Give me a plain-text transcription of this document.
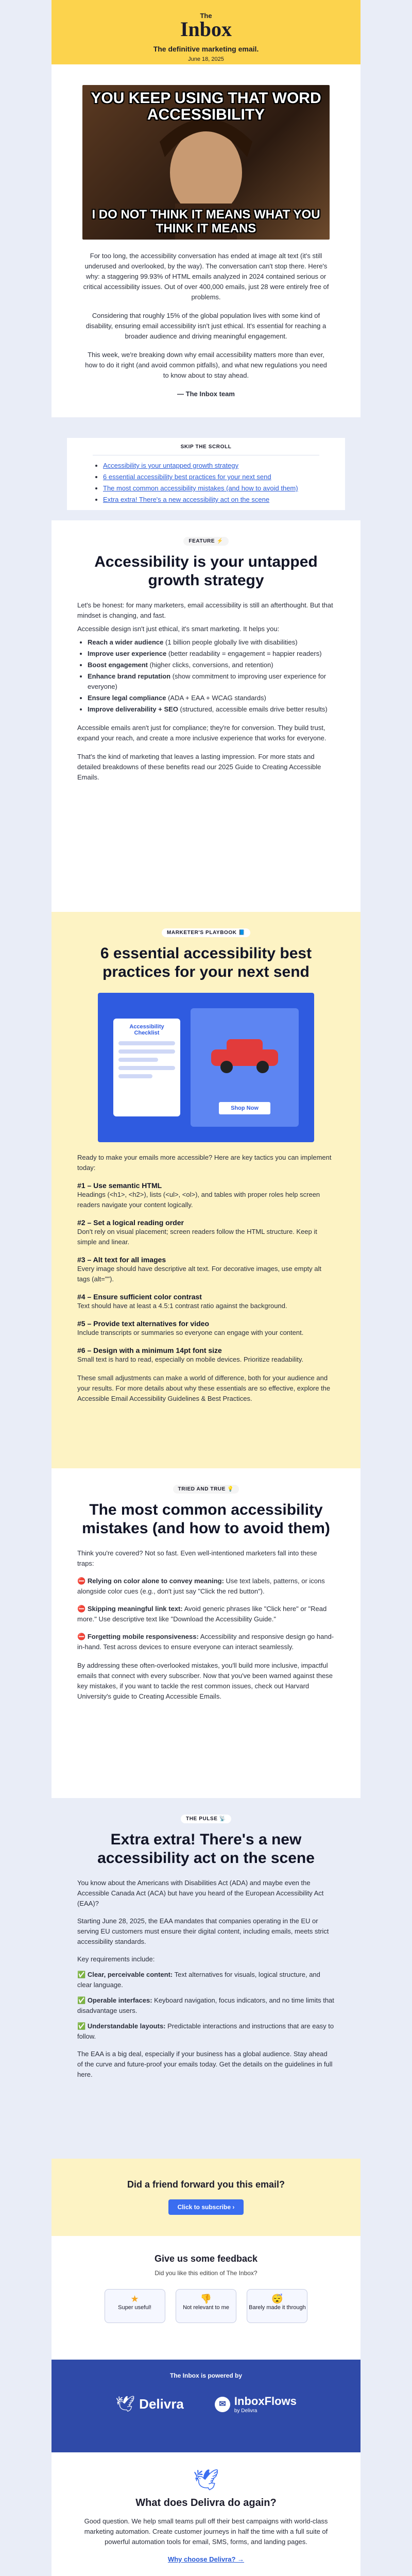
The
Inbox
The definitive marketing email.
June 18, 2025
YOU KEEP USING THAT WORD ACCESSIBILITY
I DO NOT THINK IT MEANS WHAT YOU THINK IT MEANS

For too long, the accessibility conversation has ended at image alt text (it's still underused and overlooked, by the way). The conversation can't stop there. Here's why: a staggering 99.93% of HTML emails analyzed in 2024 contained serious or critical accessibility issues. Out of over 400,000 emails, just 28 were entirely free of problems.

Considering that roughly 15% of the global population lives with some kind of disability, ensuring email accessibility isn't just ethical. It's essential for reaching a broader audience and driving meaningful engagement.

This week, we're breaking down why email accessibility matters more than ever, how to do it right (and avoid common pitfalls), and what new regulations you need to know about to stay ahead.

— The Inbox team

SKIP THE SCROLL
• Accessibility is your untapped growth strategy
• 6 essential accessibility best practices for your next send
• The most common accessibility mistakes (and how to avoid them)
• Extra extra! There's a new accessibility act on the scene
FEATURE ⚡
Accessibility is your untapped growth strategy

Let's be honest: for many marketers, email accessibility is still an afterthought. But that mindset is changing, and fast.

Accessible design isn't just ethical, it's smart marketing. It helps you:

• Reach a wider audience (1 billion people globally live with disabilities)
• Improve user experience (better readability = engagement = happier readers)
• Boost engagement (higher clicks, conversions, and retention)
• Enhance brand reputation (show commitment to improving user experience for everyone)
• Ensure legal compliance (ADA + EAA + WCAG standards)
• Improve deliverability + SEO (structured, accessible emails drive better results)

Accessible emails aren't just for compliance; they're for conversion. They build trust, expand your reach, and create a more inclusive experience that works for everyone.

That's the kind of marketing that leaves a lasting impression. For more stats and detailed breakdowns of these benefits read our 2025 Guide to Creating Accessible Emails.

MARKETER'S PLAYBOOK 📘
6 essential accessibility best practices for your next send
Accessibility Checklist
Shop Now

Ready to make your emails more accessible? Here are key tactics you can implement today:

#1 – Use semantic HTML

Headings (<h1>, <h2>), lists (<ul>, <ol>), and tables with proper roles help screen readers navigate your content logically.

#2 – Set a logical reading order

Don't rely on visual placement; screen readers follow the HTML structure. Keep it simple and linear.

#3 – Alt text for all images

Every image should have descriptive alt text. For decorative images, use empty alt tags (alt="").

#4 – Ensure sufficient color contrast

Text should have at least a 4.5:1 contrast ratio against the background.

#5 – Provide text alternatives for video

Include transcripts or summaries so everyone can engage with your content.

#6 – Design with a minimum 14pt font size

Small text is hard to read, especially on mobile devices. Prioritize readability.

These small adjustments can make a world of difference, both for your audience and your results. For more details about why these essentials are so effective, explore the Accessible Email Accessibility Guidelines & Best Practices.

TRIED AND TRUE 💡
The most common accessibility mistakes (and how to avoid them)

Think you're covered? Not so fast. Even well-intentioned marketers fall into these traps:

⛔ Relying on color alone to convey meaning: Use text labels, patterns, or icons alongside color cues (e.g., don't just say "Click the red button").

⛔ Skipping meaningful link text: Avoid generic phrases like "Click here" or "Read more." Use descriptive text like "Download the Accessibility Guide."

⛔ Forgetting mobile responsiveness: Accessibility and responsive design go hand-in-hand. Test across devices to ensure everyone can interact seamlessly.

By addressing these often-overlooked mistakes, you'll build more inclusive, impactful emails that connect with every subscriber. Now that you've been warned against these key mistakes, if you want to tackle the rest common issues, check out Harvard University's guide to Creating Accessible Emails.

THE PULSE 📡
Extra extra! There's a new accessibility act on the scene

You know about the Americans with Disabilities Act (ADA) and maybe even the Accessible Canada Act (ACA) but have you heard of the European Accessibility Act (EAA)?

Starting June 28, 2025, the EAA mandates that companies operating in the EU or serving EU customers must ensure their digital content, including emails, meets strict accessibility standards.

Key requirements include:

✅ Clear, perceivable content: Text alternatives for visuals, logical structure, and clear language.

✅ Operable interfaces: Keyboard navigation, focus indicators, and no time limits that disadvantage users.

✅ Understandable layouts: Predictable interactions and instructions that are easy to follow.

The EAA is a big deal, especially if your business has a global audience. Stay ahead of the curve and future-proof your emails today. Get the details on the guidelines in full here.

Did a friend forward you this email?
Click to subscribe ›
Give us some feedback
Did you like this edition of The Inbox?
★
Super useful!

👎
Not relevant to me

😴
Barely made it through
The Inbox is powered by
🕊 Delivra	✉ InboxFlows
by Delivra
🕊
What does Delivra do again?

Good question. We help small teams pull off their best campaigns with world-class marketing automation. Create customer journeys in half the time with a full suite of powerful automation tools for email, SMS, forms, and landing pages.

Why choose Delivra? →
